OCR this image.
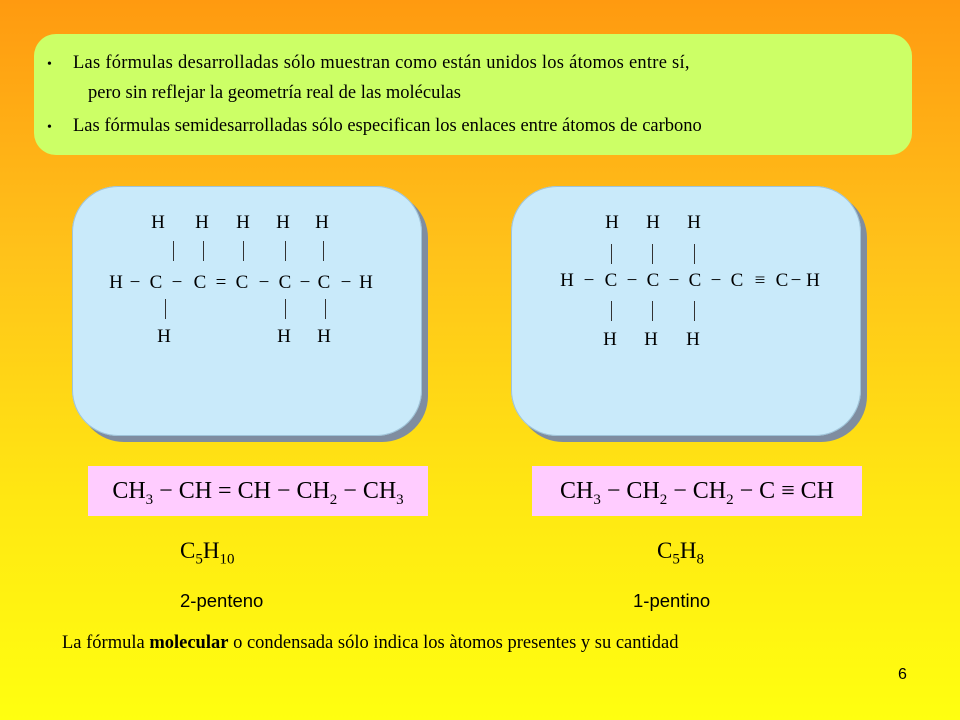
• Las fórmulas desarrolladas sólo muestran como están unidos los átomos entre sí,
pero sin reflejar la geometría real de las moléculas
• Las fórmulas semidesarrolladas sólo especifican los enlaces entre átomos de carbono
H H H H H
H − C − C = C − C − C − H
H	H H
H H H
H − C − C − C − C ≡ C − H
H H H
$CH_3$ − CH = CH − $CH_2 - CH_3$	$CH_3 - CH_2 - CH_2 - C$ ≡ CH
$C_5H_{10}$	$C_5H_8$
2-penteno	1-pentino
La fórmula molecular o condensada sólo indica los àtomos presentes y su cantidad
6
